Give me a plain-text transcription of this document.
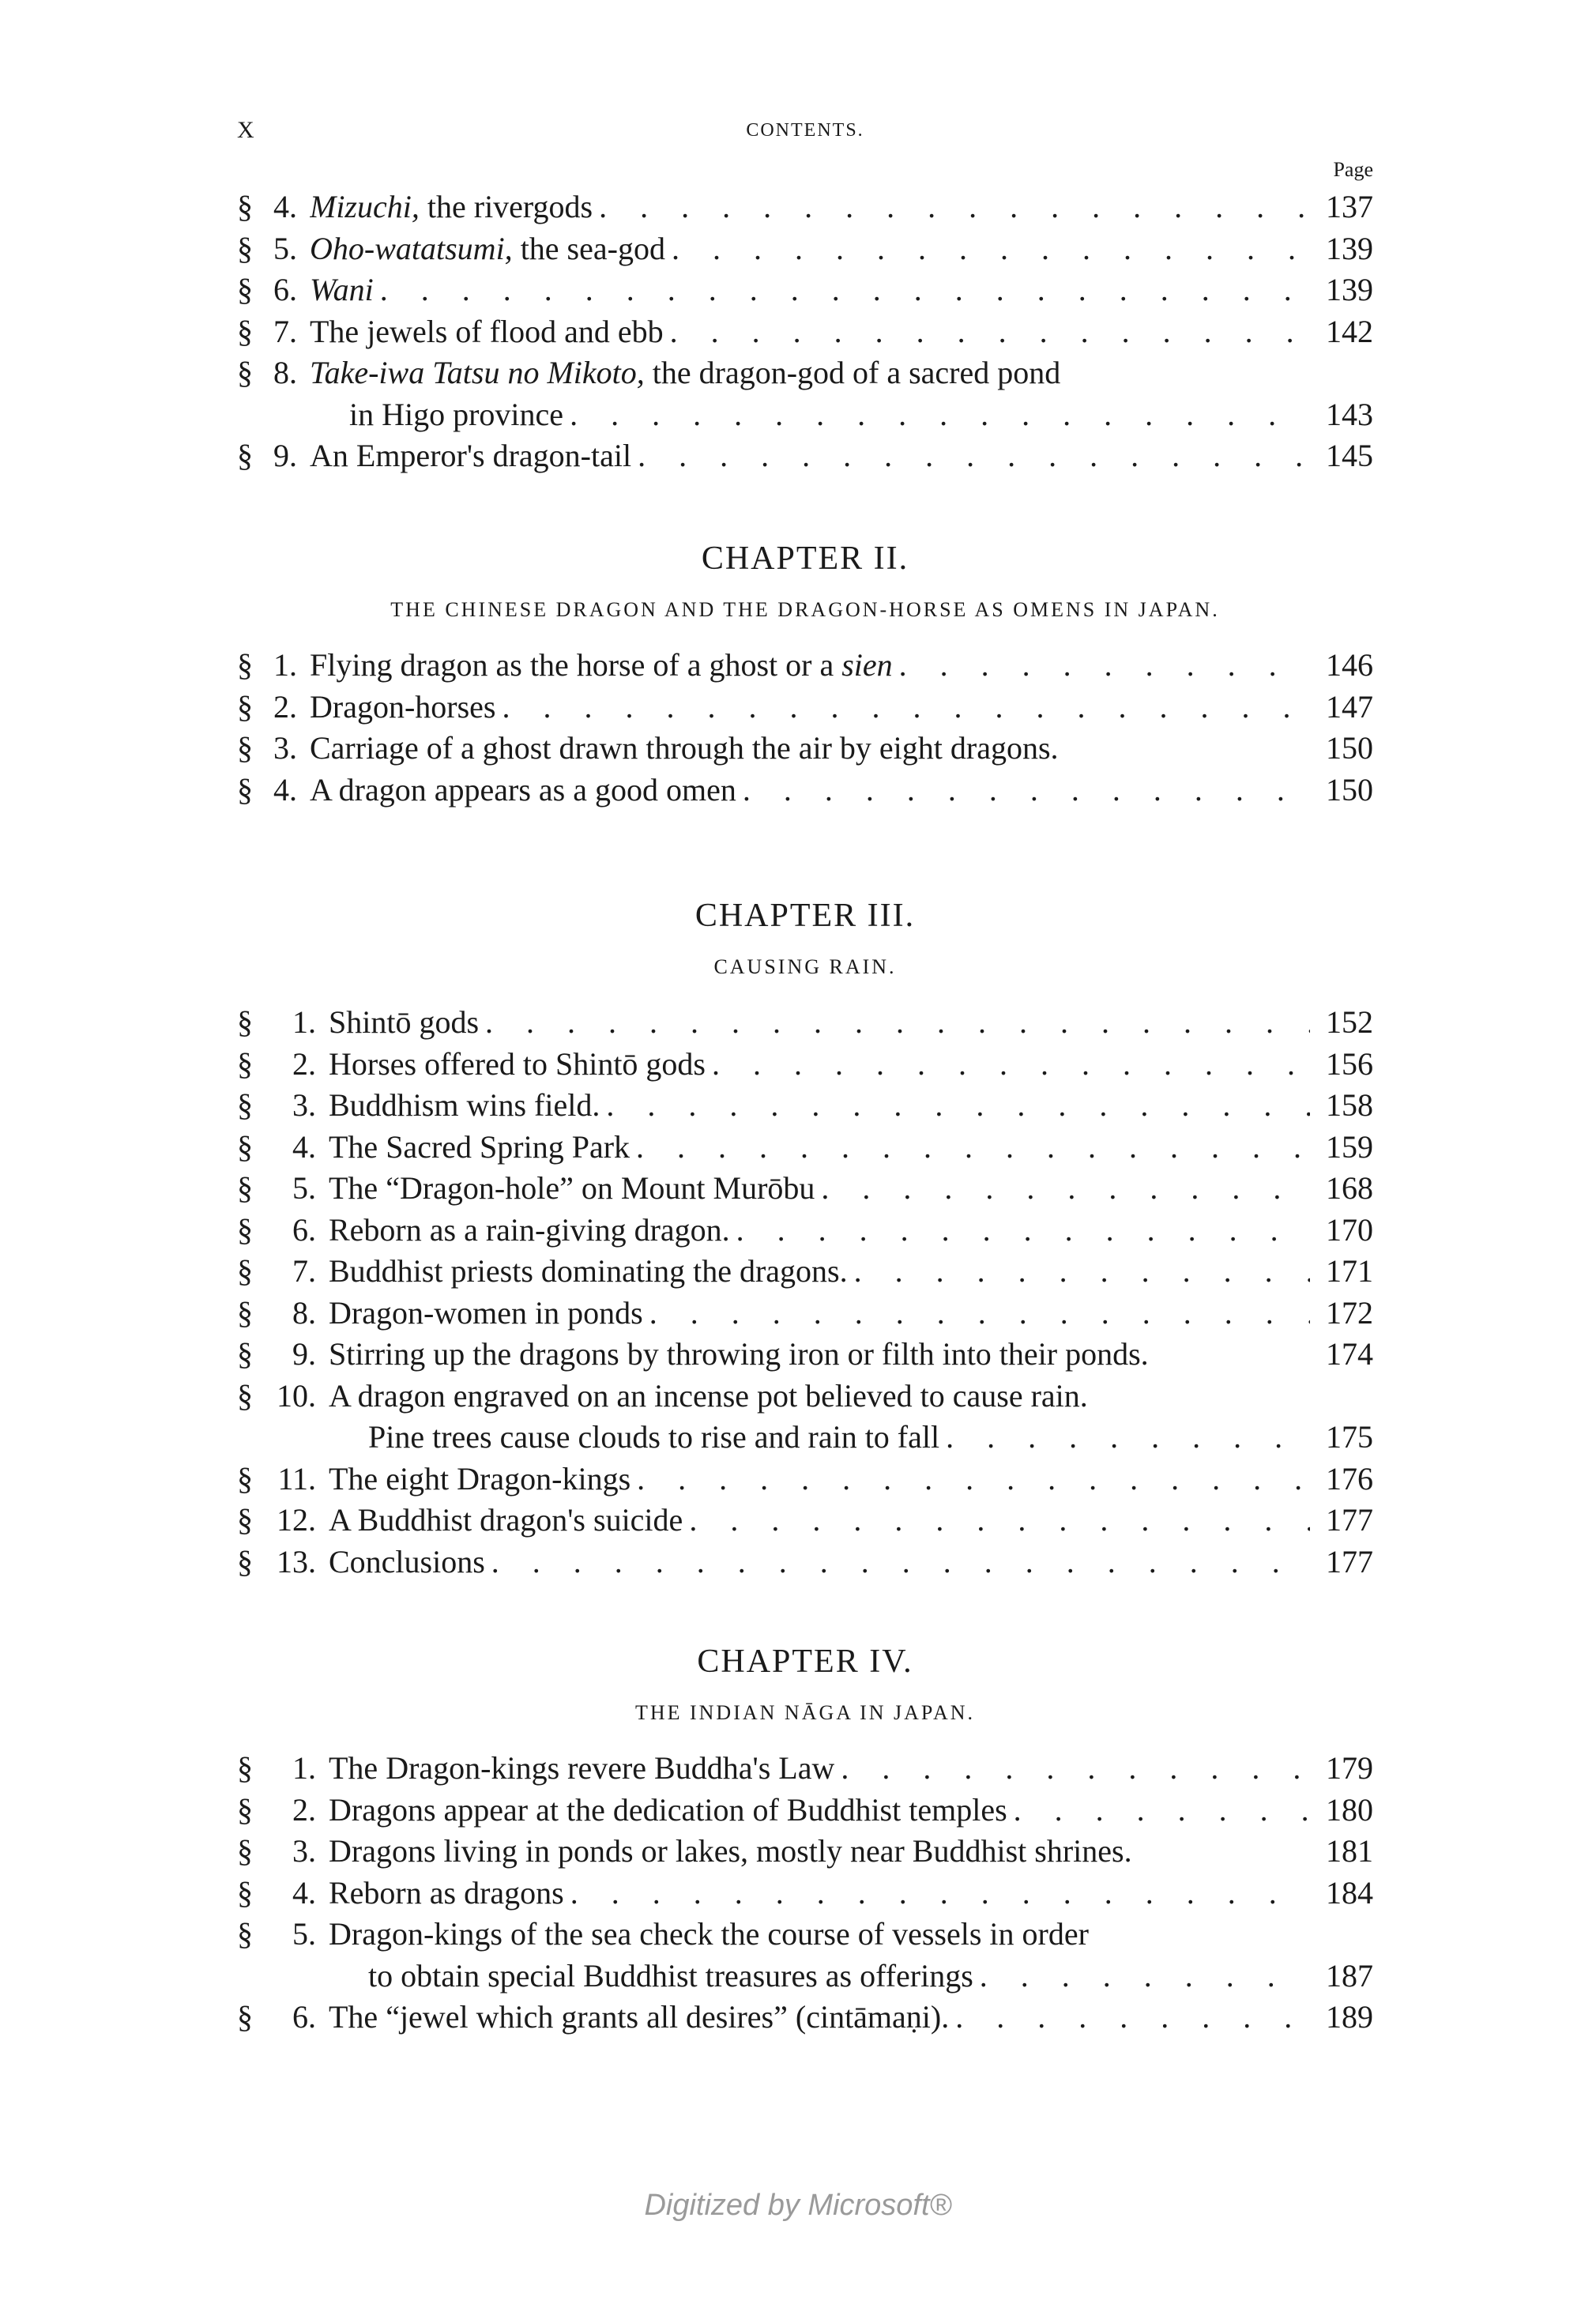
X	CONTENTS.
Page
§ 4. Mizuchi, the rivergods . . .	137
§ 5. Oho-watatsumi, the sea-god . . .	139
§ 6. Wani . . .	139
§ 7. The jewels of flood and ebb . . .	142
§ 8. Take-iwa Tatsu no Mikoto, the dragon-god of a sacred pond
in Higo province . . .	143
§ 9. An Emperor's dragon-tail . . .	145
CHAPTER II.
THE CHINESE DRAGON AND THE DRAGON-HORSE AS OMENS IN JAPAN.
§ 1. Flying dragon as the horse of a ghost or a sien . . .	146
§ 2. Dragon-horses . . .	147
§ 3. Carriage of a ghost drawn through the air by eight dragons.	150
§ 4. A dragon appears as a good omen . . .	150
CHAPTER III.
CAUSING RAIN.
§	1. Shintō gods . . .	152
§	2. Horses offered to Shintō gods . . .	156
§	3. Buddhism wins field. . . .	158
§	4. The Sacred Spring Park . . .	159
§	5. The “Dragon-hole” on Mount Murōbu . . .	168
§	6. Reborn as a rain-giving dragon. . . .	170
§	7. Buddhist priests dominating the dragons. . . .	171
§	8. Dragon-women in ponds . . .	172
§	9. Stirring up the dragons by throwing iron or filth into their ponds.	174
§ 10. A dragon engraved on an incense pot believed to cause rain.
Pine trees cause clouds to rise and rain to fall . . .	175
§ 11. The eight Dragon-kings . . .	176
§ 12. A Buddhist dragon's suicide . . .	177
§ 13. Conclusions . . .	177
CHAPTER IV.
THE INDIAN NĀGA IN JAPAN.
§	1. The Dragon-kings revere Buddha's Law . . .	179
§	2. Dragons appear at the dedication of Buddhist temples . . .	180
§	3. Dragons living in ponds or lakes, mostly near Buddhist shrines.	181
§	4. Reborn as dragons . . .	184
§	5. Dragon-kings of the sea check the course of vessels in order
to obtain special Buddhist treasures as offerings . . .	187
§	6. The “jewel which grants all desires” (cintāmaṇi). . . .	189
Digitized by Microsoft®
